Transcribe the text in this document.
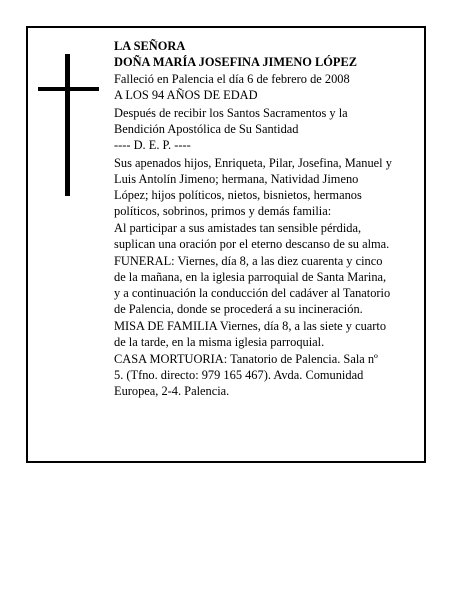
LA SEÑORA

DOÑA MARÍA JOSEFINA JIMENO LÓPEZ

Falleció en Palencia el día 6 de febrero de 2008

A LOS 94 AÑOS DE EDAD

Después de recibir los Santos Sacramentos y la

Bendición Apostólica de Su Santidad

---- D. E. P. ----

Sus apenados hijos, Enriqueta, Pilar, Josefina, Manuel y

Luis Antolín Jimeno; hermana, Natividad Jimeno

López; hijos políticos, nietos, bisnietos, hermanos

políticos, sobrinos, primos y demás familia:

Al participar a sus amistades tan sensible pérdida,

suplican una oración por el eterno descanso de su alma.

FUNERAL: Viernes, día 8, a las diez cuarenta y cinco

de la mañana, en la iglesia parroquial de Santa Marina,

y a continuación la conducción del cadáver al Tanatorio

de Palencia, donde se procederá a su incineración.

MISA DE FAMILIA Viernes, día 8, a las siete y cuarto

de la tarde, en la misma iglesia parroquial.

CASA MORTUORIA: Tanatorio de Palencia. Sala nº

5. (Tfno. directo: 979 165 467). Avda. Comunidad

Europea, 2-4. Palencia.
